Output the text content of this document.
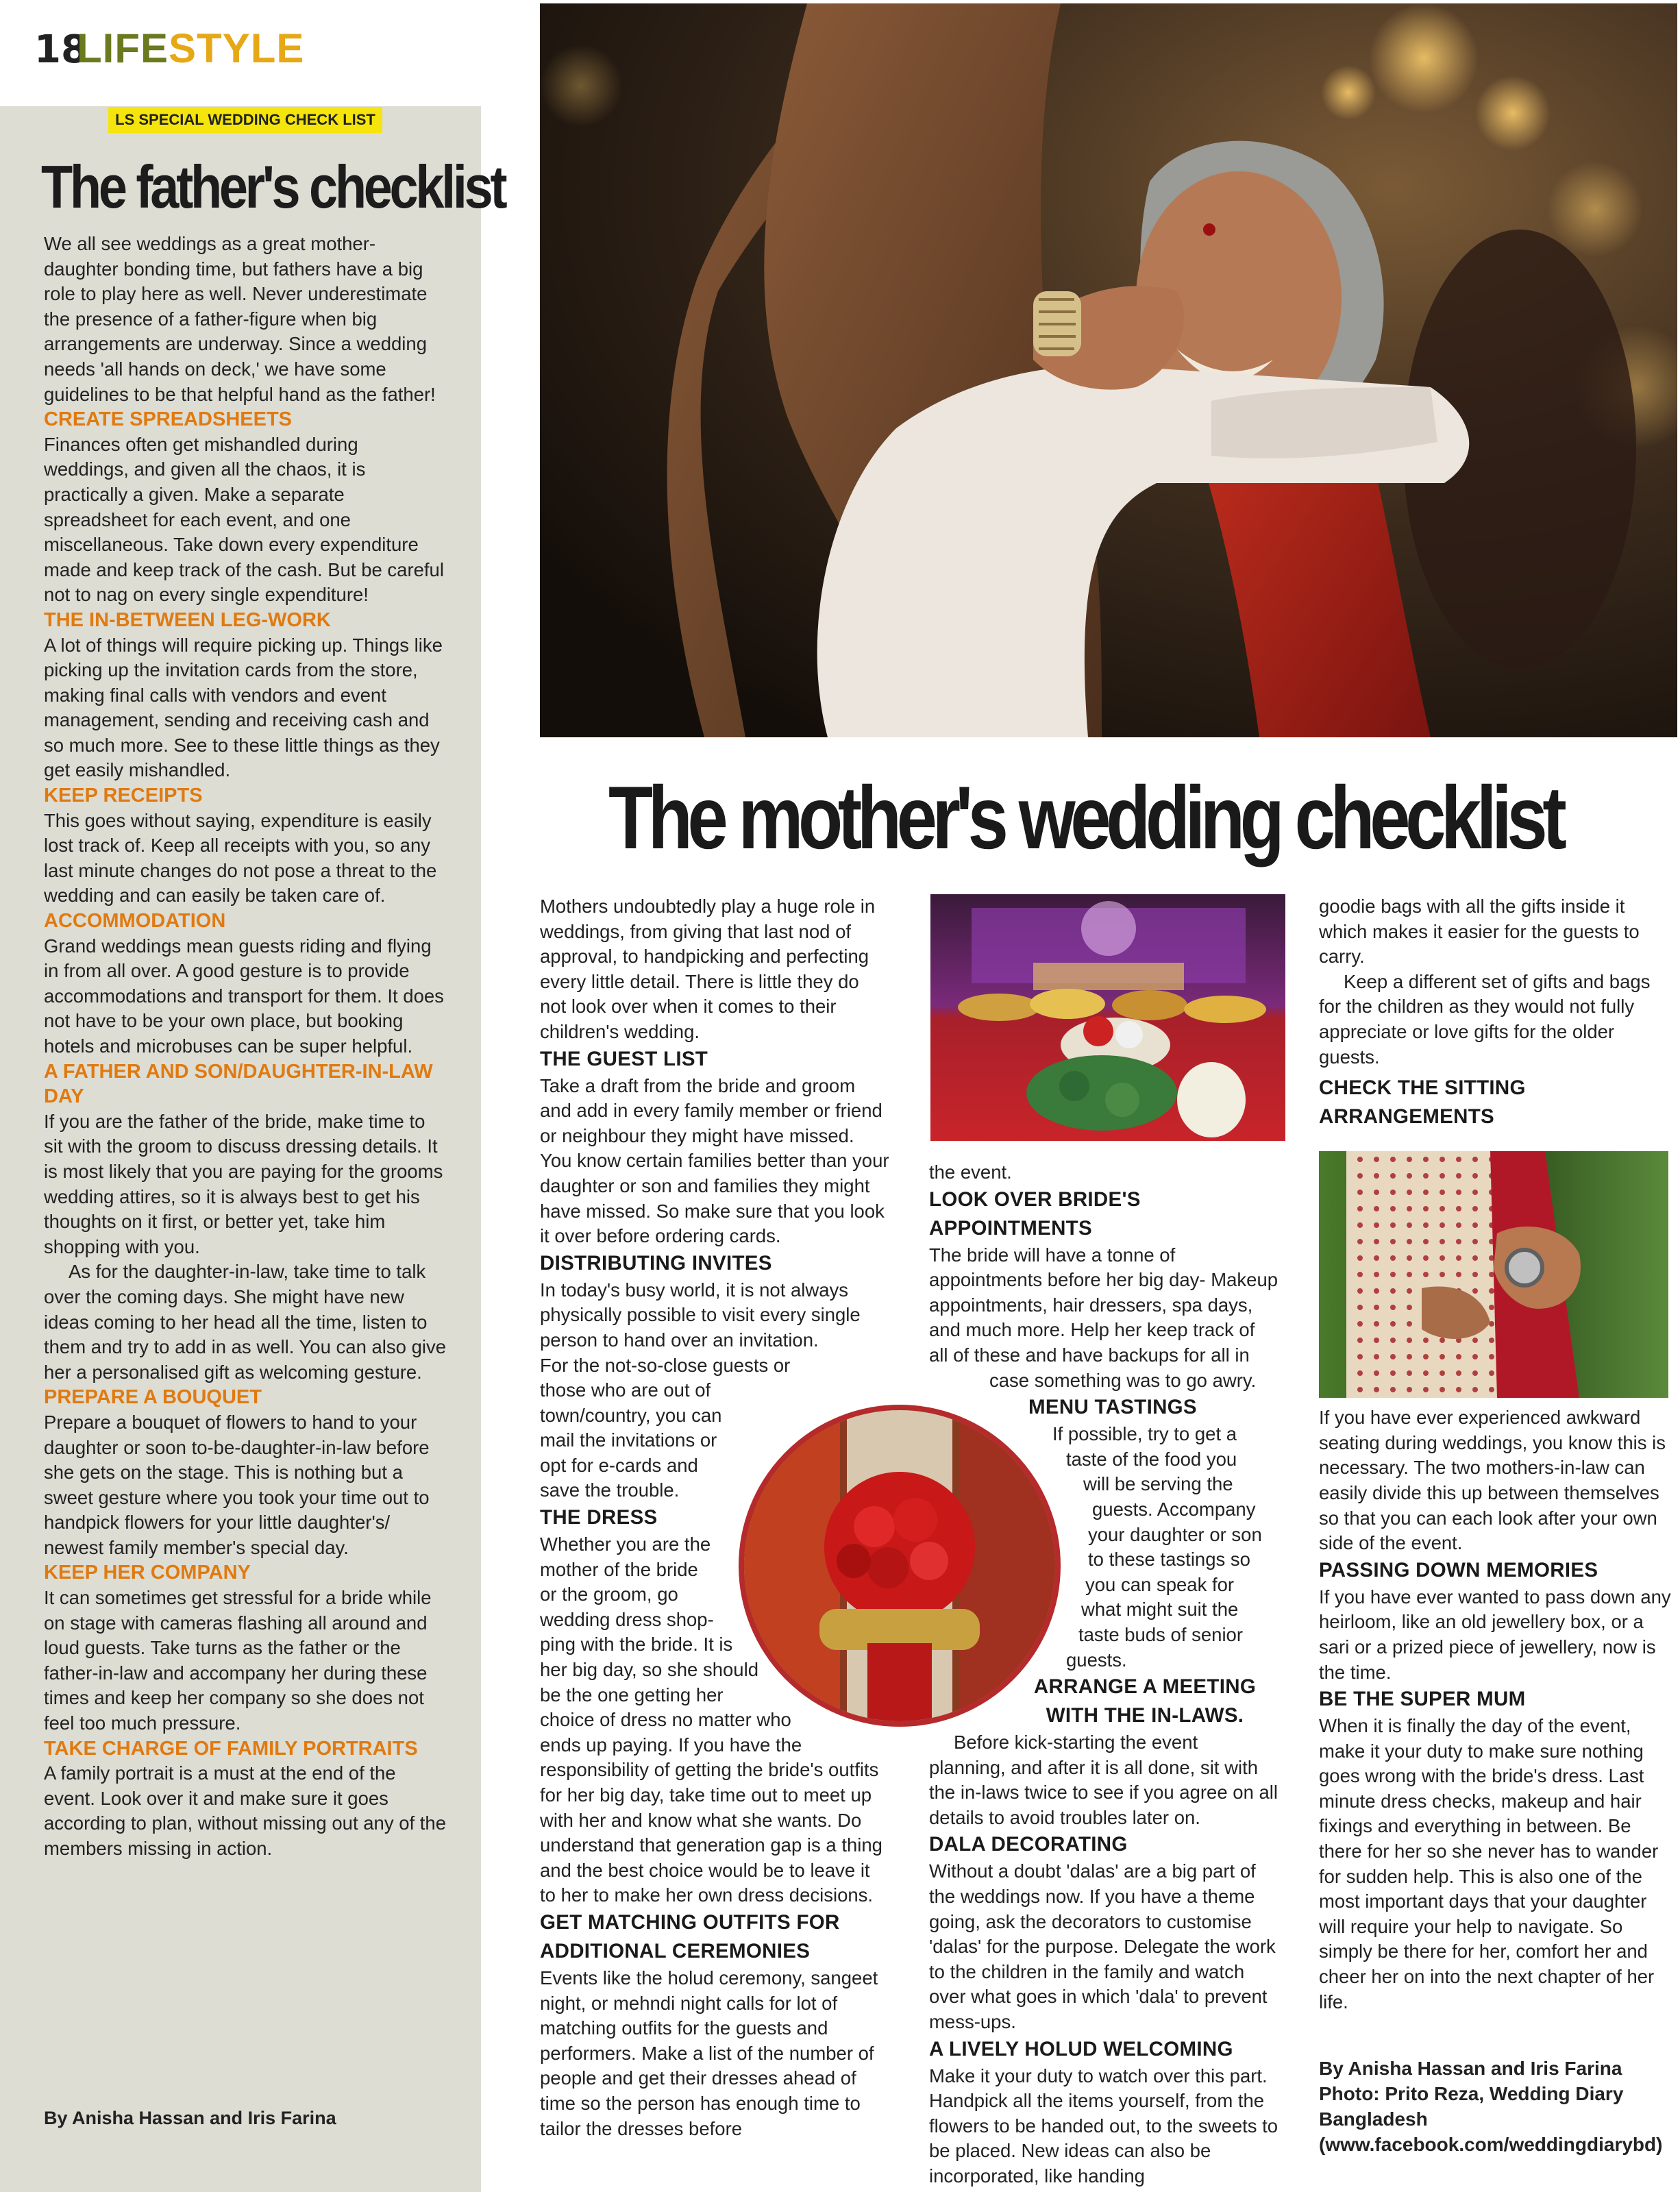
18
LIFESTYLE
LS SPECIAL WEDDING CHECK LIST
The father's checklist

We all see weddings as a great mother-daughter bonding time, but fathers have a big role to play here as well. Never underestimate the presence of a father-figure when big arrangements are underway. Since a wedding needs 'all hands on deck,' we have some guidelines to be that helpful hand as the father!

CREATE SPREADSHEETS

Finances often get mishandled during weddings, and given all the chaos, it is practically a given. Make a separate spreadsheet for each event, and one miscellaneous. Take down every expenditure made and keep track of the cash. But be careful not to nag on every single expenditure!

THE IN-BETWEEN LEG-WORK

A lot of things will require picking up. Things like picking up the invitation cards from the store, making final calls with vendors and event management, sending and receiving cash and so much more. See to these little things as they get easily mishandled.

KEEP RECEIPTS

This goes without saying, expenditure is easily lost track of. Keep all receipts with you, so any last minute changes do not pose a threat to the wedding and can easily be taken care of.

ACCOMMODATION

Grand weddings mean guests riding and flying in from all over. A good gesture is to provide accommodations and transport for them. It does not have to be your own place, but booking hotels and microbuses can be super helpful.

A FATHER AND SON/DAUGHTER-IN-LAW DAY

If you are the father of the bride, make time to sit with the groom to discuss dressing details. It is most likely that you are paying for the grooms wedding attires, so it is always best to get his thoughts on it first, or better yet, take him shopping with you.

As for the daughter-in-law, take time to talk over the coming days. She might have new ideas coming to her head all the time, listen to them and try to add in as well. You can also give her a personalised gift as welcoming gesture.

PREPARE A BOUQUET

Prepare a bouquet of flowers to hand to your daughter or soon to-be-daughter-in-law before she gets on the stage. This is nothing but a sweet gesture where you took your time out to handpick flowers for your little daughter's/ newest family member's special day.

KEEP HER COMPANY

It can sometimes get stressful for a bride while on stage with cameras flashing all around and loud guests. Take turns as the father or the father-in-law and accompany her during these times and keep her company so she does not feel too much pressure.

TAKE CHARGE OF FAMILY PORTRAITS

A family portrait is a must at the end of the event. Look over it and make sure it goes according to plan, without missing out any of the members missing in action.

By Anisha Hassan and Iris Farina
The mother's wedding checklist

Mothers undoubtedly play a huge role in weddings, from giving that last nod of approval, to handpicking and perfecting every little detail. There is little they do not look over when it comes to their children's wedding.

THE GUEST LIST

Take a draft from the bride and groom and add in every family member or friend or neighbour they might have missed. You know certain families better than your daughter or son and families they might have missed. So make sure that you look it over before ordering cards.

DISTRIBUTING INVITES

In today's busy world, it is not always physically possible to visit every single person to hand over an invitation.

For the not-so-close guests or

those who are out of

town/country, you can

mail the invitations or

opt for e-cards and

save the trouble.

THE DRESS

Whether you are the

mother of the bride

or the groom, go

wedding dress shop-

ping with the bride. It is

her big day, so she should

be the one getting her

choice of dress no matter who

ends up paying. If you have the responsibility of getting the bride's outfits for her big day, take time out to meet up with her and know what she wants. Do understand that generation gap is a thing and the best choice would be to leave it to her to make her own dress decisions.

GET MATCHING OUTFITS FOR ADDITIONAL CEREMONIES

Events like the holud ceremony, sangeet night, or mehndi night calls for lot of matching outfits for the guests and performers. Make a list of the number of people and get their dresses ahead of time so the person has enough time to tailor the dresses before

the event.

LOOK OVER BRIDE'S APPOINTMENTS

The bride will have a tonne of appointments before her big day- Makeup appointments, hair dressers, spa days, and much more. Help her keep track of all of these and have backups for all in

case something was to go awry.

MENU TASTINGS

If possible, try to get a

taste of the food you

will be serving the

guests. Accompany

your daughter or son

to these tastings so

you can speak for

what might suit the

taste buds of senior

guests.

ARRANGE A MEETING WITH THE IN-LAWS.

Before kick-starting the event planning, and after it is all done, sit with the in-laws twice to see if you agree on all details to avoid troubles later on.

DALA DECORATING

Without a doubt 'dalas' are a big part of the weddings now. If you have a theme going, ask the decorators to customise 'dalas' for the purpose. Delegate the work to the children in the family and watch over what goes in which 'dala' to prevent mess-ups.

A LIVELY HOLUD WELCOMING

Make it your duty to watch over this part. Handpick all the items yourself, from the flowers to be handed out, to the sweets to be placed. New ideas can also be incorporated, like handing

goodie bags with all the gifts inside it which makes it easier for the guests to carry.

Keep a different set of gifts and bags for the children as they would not fully appreciate or love gifts for the older guests.

CHECK THE SITTING ARRANGEMENTS

If you have ever experienced awkward seating during weddings, you know this is necessary. The two mothers-in-law can easily divide this up between themselves so that you can each look after your own side of the event.

PASSING DOWN MEMORIES

If you have ever wanted to pass down any heirloom, like an old jewellery box, or a sari or a prized piece of jewellery, now is the time.

BE THE SUPER MUM

When it is finally the day of the event, make it your duty to make sure nothing goes wrong with the bride's dress. Last minute dress checks, makeup and hair fixings and everything in between. Be there for her so she never has to wander for sudden help. This is also one of the most important days that your daughter will require your help to navigate. So simply be there for her, comfort her and cheer her on into the next chapter of her life.

By Anisha Hassan and Iris Farina
Photo: Prito Reza, Wedding Diary Bangladesh (www.facebook.com/weddingdiarybd)
